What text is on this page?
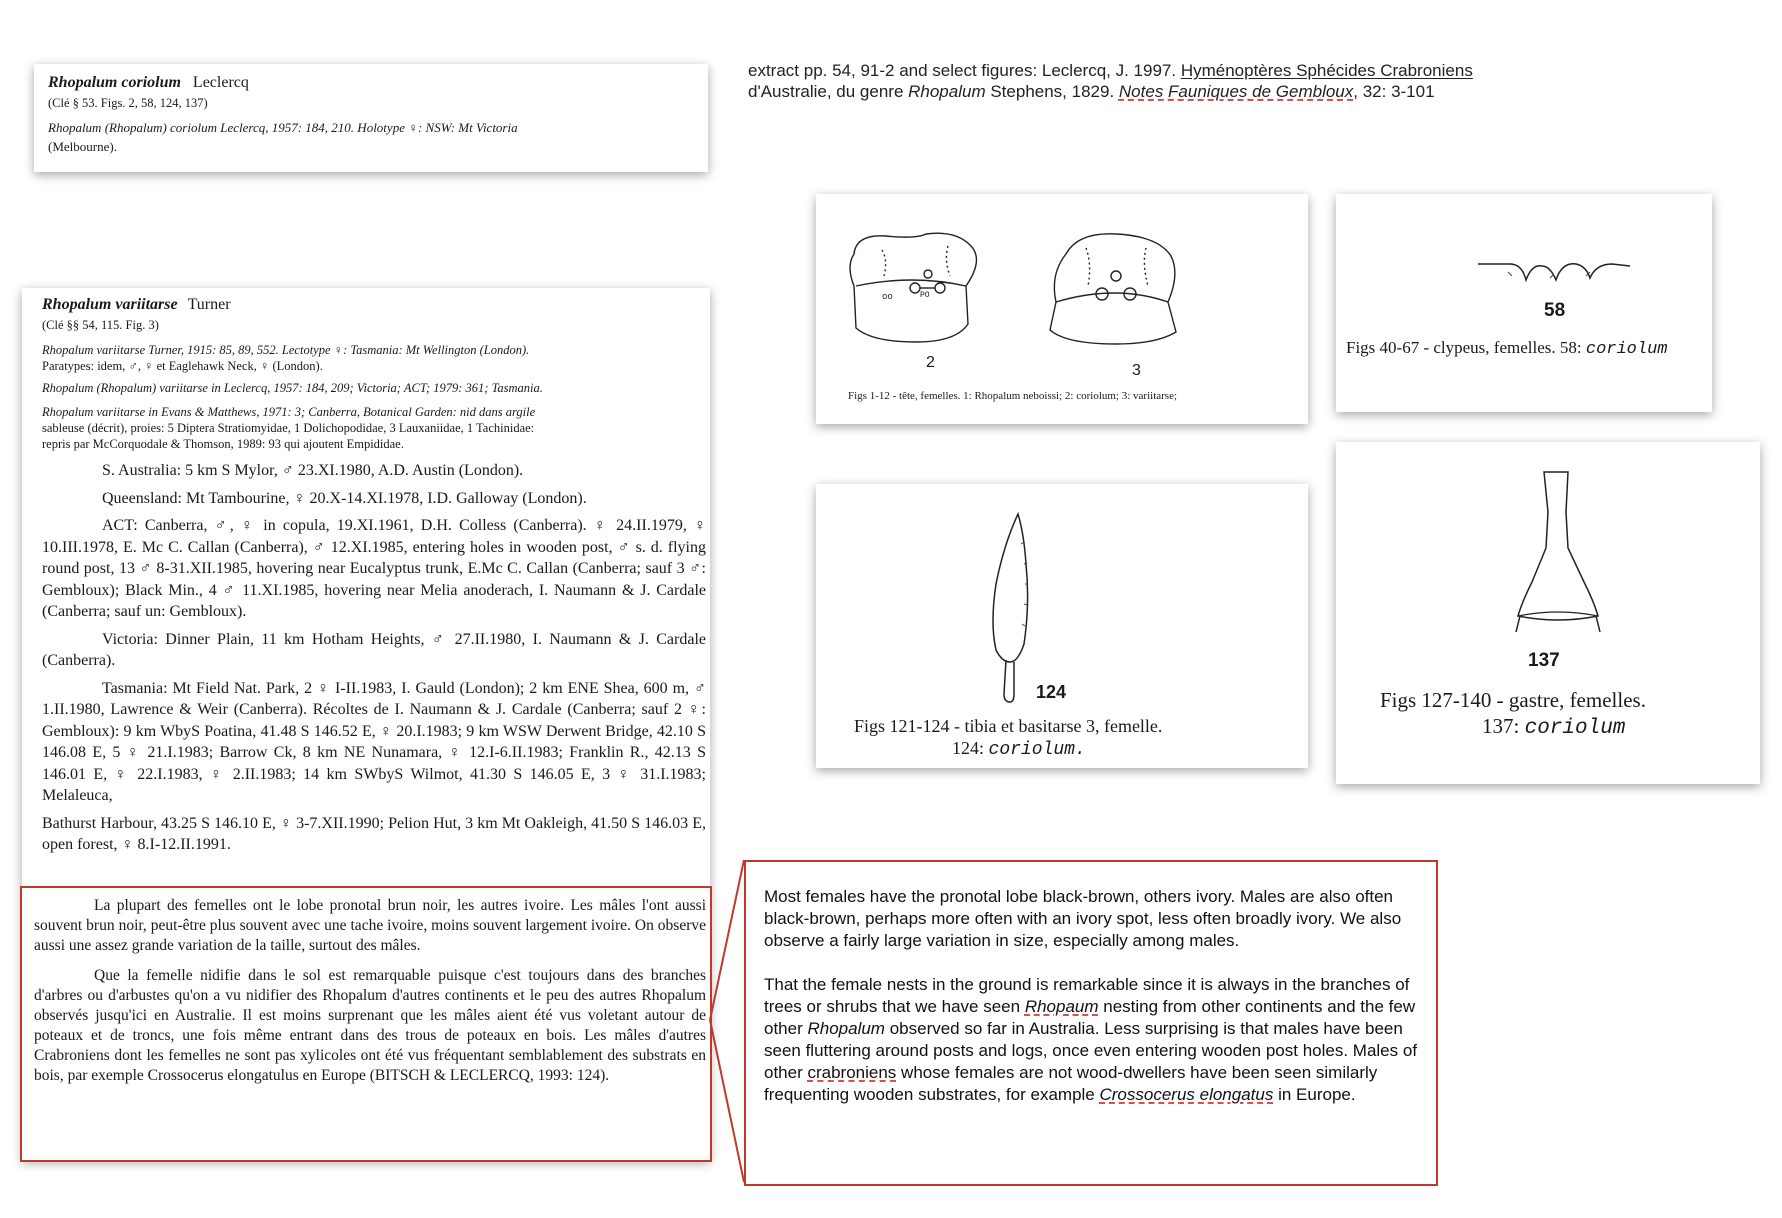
extract pp. 54, 91-2 and select figures: Leclercq, J. 1997. Hyménoptères Sphécides Crabroniens
d'Australie, du genre Rhopalum Stephens, 1829. Notes Fauniques de Gembloux, 32: 3-101
Rhopalum coriolum Leclercq
(Clé § 53. Figs. 2, 58, 124, 137)
Rhopalum (Rhopalum) coriolum Leclercq, 1957: 184, 210. Holotype ♀: NSW: Mt Victoria
(Melbourne).
Rhopalum variitarse Turner
(Clé §§ 54, 115. Fig. 3)
Rhopalum variitarse Turner, 1915: 85, 89, 552. Lectotype ♀: Tasmania: Mt Wellington (London).
Paratypes: idem, ♂, ♀ et Eaglehawk Neck, ♀ (London).
Rhopalum (Rhopalum) variitarse in Leclercq, 1957: 184, 209; Victoria; ACT; 1979: 361; Tasmania.
Rhopalum variitarse in Evans & Matthews, 1971: 3; Canberra, Botanical Garden: nid dans argile
sableuse (décrit), proies: 5 Diptera Stratiomyidae, 1 Dolichopodidae, 3 Lauxaniidae, 1 Tachinidae:
repris par McCorquodale & Thomson, 1989: 93 qui ajoutent Empididae.

S. Australia: 5 km S Mylor, ♂ 23.XI.1980, A.D. Austin (London).

Queensland: Mt Tambourine, ♀ 20.X-14.XI.1978, I.D. Galloway (London).

ACT: Canberra, ♂, ♀ in copula, 19.XI.1961, D.H. Colless (Canberra). ♀ 24.II.1979, ♀ 10.III.1978, E. Mc C. Callan (Canberra), ♂ 12.XI.1985, entering holes in wooden post, ♂ s. d. flying round post, 13 ♂ 8-31.XII.1985, hovering near Eucalyptus trunk, E.Mc C. Callan (Canberra; sauf 3 ♂: Gembloux); Black Min., 4 ♂ 11.XI.1985, hovering near Melia anoderach, I. Naumann & J. Cardale (Canberra; sauf un: Gembloux).

Victoria: Dinner Plain, 11 km Hotham Heights, ♂ 27.II.1980, I. Naumann & J. Cardale (Canberra).

Tasmania: Mt Field Nat. Park, 2 ♀ I-II.1983, I. Gauld (London); 2 km ENE Shea, 600 m, ♂ 1.II.1980, Lawrence & Weir (Canberra). Récoltes de I. Naumann & J. Cardale (Canberra; sauf 2 ♀: Gembloux): 9 km WbyS Poatina, 41.48 S 146.52 E, ♀ 20.I.1983; 9 km WSW Derwent Bridge, 42.10 S 146.08 E, 5 ♀ 21.I.1983; Barrow Ck, 8 km NE Nunamara, ♀ 12.I-6.II.1983; Franklin R., 42.13 S 146.01 E, ♀ 22.I.1983, ♀ 2.II.1983; 14 km SWbyS Wilmot, 41.30 S 146.05 E, 3 ♀ 31.I.1983; Melaleuca,

Bathurst Harbour, 43.25 S 146.10 E, ♀ 3-7.XII.1990; Pelion Hut, 3 km Mt Oakleigh, 41.50 S 146.03 E, open forest, ♀ 8.I-12.II.1991.

La plupart des femelles ont le lobe pronotal brun noir, les autres ivoire. Les mâles l'ont aussi souvent brun noir, peut-être plus souvent avec une tache ivoire, moins souvent largement ivoire. On observe aussi une assez grande variation de la taille, surtout des mâles.

Que la femelle nidifie dans le sol est remarquable puisque c'est toujours dans des branches d'arbres ou d'arbustes qu'on a vu nidifier des Rhopalum d'autres continents et le peu des autres Rhopalum observés jusqu'ici en Australie. Il est moins surprenant que les mâles aient été vus voletant autour de poteaux et de troncs, une fois même entrant dans des trous de poteaux en bois. Les mâles d'autres Crabroniens dont les femelles ne sont pas xylicoles ont été vus fréquentant semblablement des substrats en bois, par exemple Crossocerus elongatulus en Europe (BITSCH & LECLERCQ, 1993: 124).

Most females have the pronotal lobe black-brown, others ivory. Males are also often black-brown, perhaps more often with an ivory spot, less often broadly ivory. We also observe a fairly large variation in size, especially among males.

That the female nests in the ground is remarkable since it is always in the branches of trees or shrubs that we have seen Rhopaum nesting from other continents and the few other Rhopalum observed so far in Australia. Less surprising is that males have been seen fluttering around posts and logs, once even entering wooden post holes. Males of other crabroniens whose females are not wood-dwellers have been seen similarly frequenting wooden substrates, for example Crossocerus elongatus in Europe.

oo	PO
2	3
Figs 1-12 - tête, femelles. 1: Rhopalum neboissi; 2: coriolum; 3: variitarse;
58
Figs 40-67 - clypeus, femelles. 58: coriolum
124
Figs 121-124 - tibia et basitarse 3, femelle.
124: coriolum.
137
Figs 127-140 - gastre, femelles.
137: coriolum
